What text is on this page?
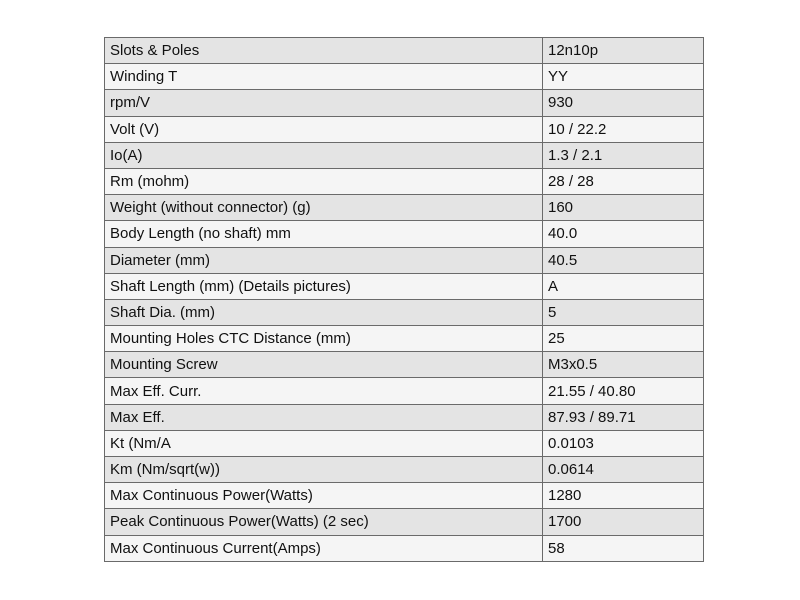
Slots & Poles	12n10p
Winding T	YY
rpm/V	930
Volt (V)	10 / 22.2
Io(A)	1.3 / 2.1
Rm (mohm)	28 / 28
Weight (without connector) (g)	160
Body Length (no shaft) mm	40.0
Diameter (mm)	40.5
Shaft Length (mm) (Details pictures)	A
Shaft Dia. (mm)	5
Mounting Holes CTC Distance (mm)	25
Mounting Screw	M3x0.5
Max Eff. Curr.	21.55 / 40.80
Max Eff.	87.93 / 89.71
Kt (Nm/A	0.0103
Km (Nm/sqrt(w))	0.0614
Max Continuous Power(Watts)	1280
Peak Continuous Power(Watts) (2 sec)	1700
Max Continuous Current(Amps)	58
